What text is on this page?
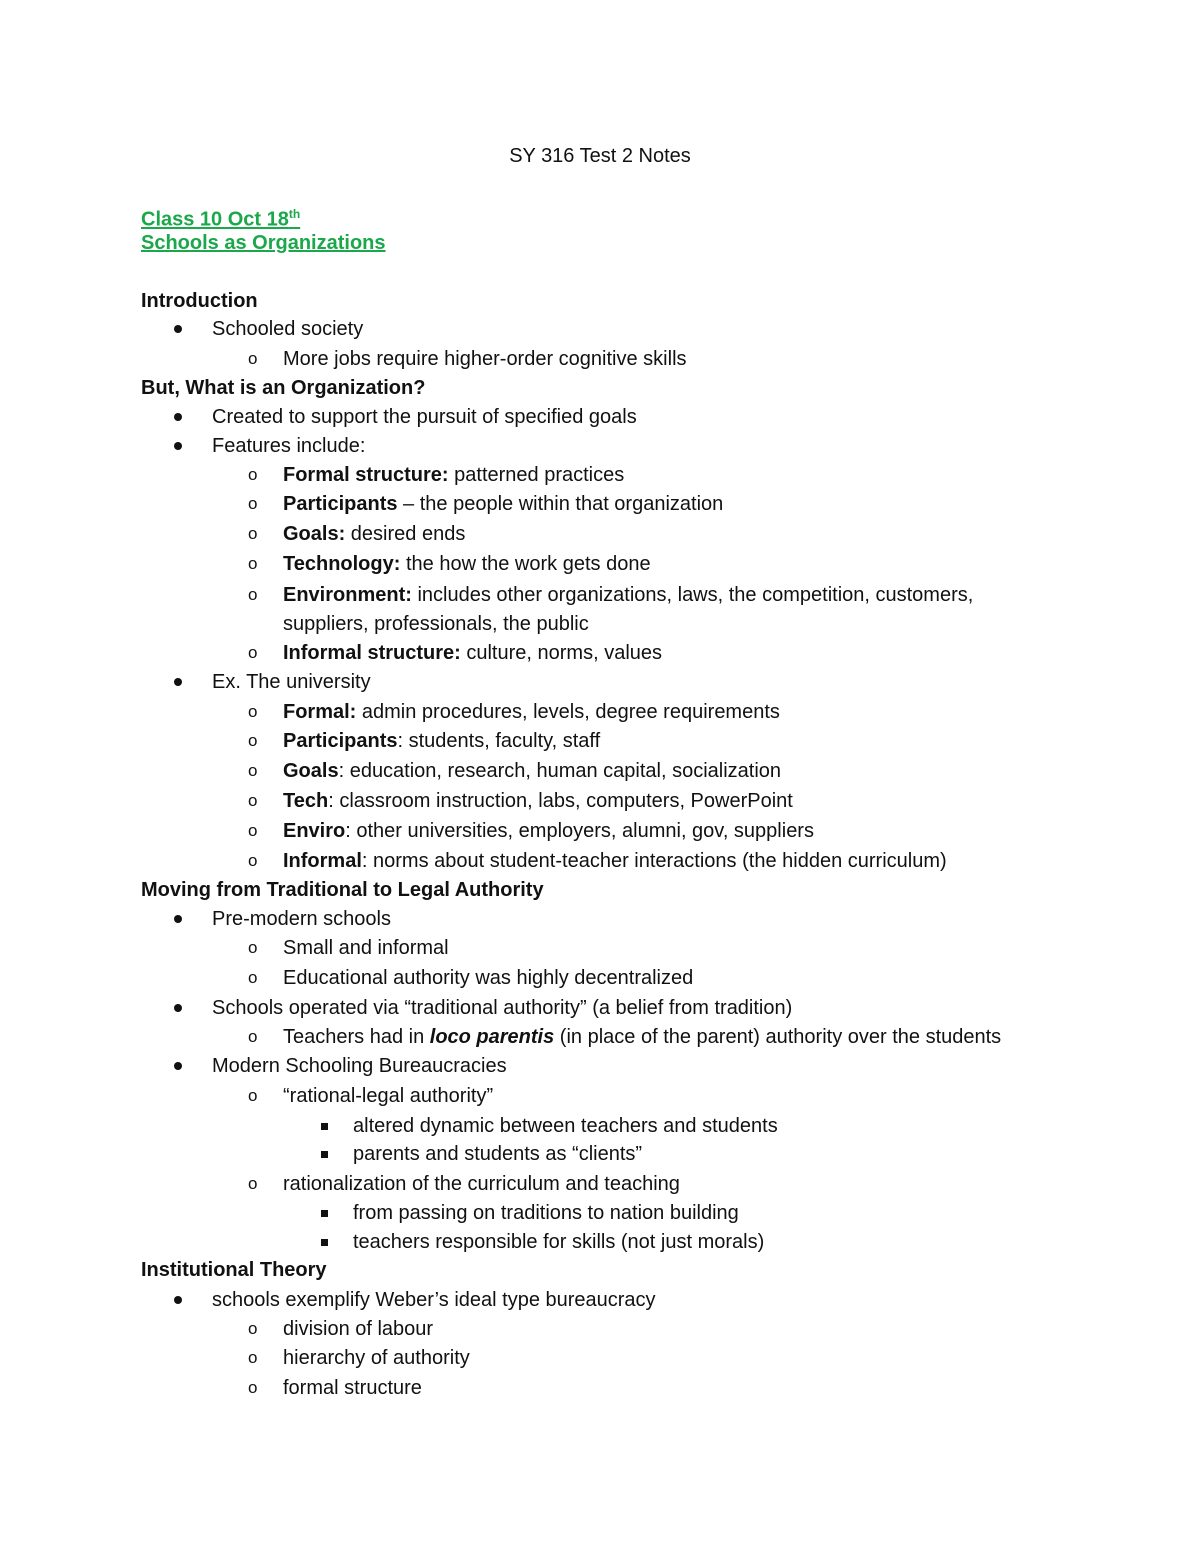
SY 316 Test 2 Notes
Class 10 Oct 18th
Schools as Organizations
Introduction
Schooled society
o More jobs require higher-order cognitive skills
But, What is an Organization?
Created to support the pursuit of specified goals
Features include:
o Formal structure: patterned practices
o Participants – the people within that organization
o Goals: desired ends
o Technology: the how the work gets done
o Environment: includes other organizations, laws, the competition, customers,
suppliers, professionals, the public
o Informal structure: culture, norms, values
Ex. The university
o Formal: admin procedures, levels, degree requirements
o Participants: students, faculty, staff
o Goals: education, research, human capital, socialization
o Tech: classroom instruction, labs, computers, PowerPoint
o Enviro: other universities, employers, alumni, gov, suppliers
o Informal: norms about student-teacher interactions (the hidden curriculum)
Moving from Traditional to Legal Authority
Pre-modern schools
o Small and informal
o Educational authority was highly decentralized
Schools operated via “traditional authority” (a belief from tradition)
o Teachers had in loco parentis (in place of the parent) authority over the students
Modern Schooling Bureaucracies
o “rational-legal authority”
altered dynamic between teachers and students
parents and students as “clients”
o rationalization of the curriculum and teaching
from passing on traditions to nation building
teachers responsible for skills (not just morals)
Institutional Theory
schools exemplify Weber’s ideal type bureaucracy
o division of labour
o hierarchy of authority
o formal structure
